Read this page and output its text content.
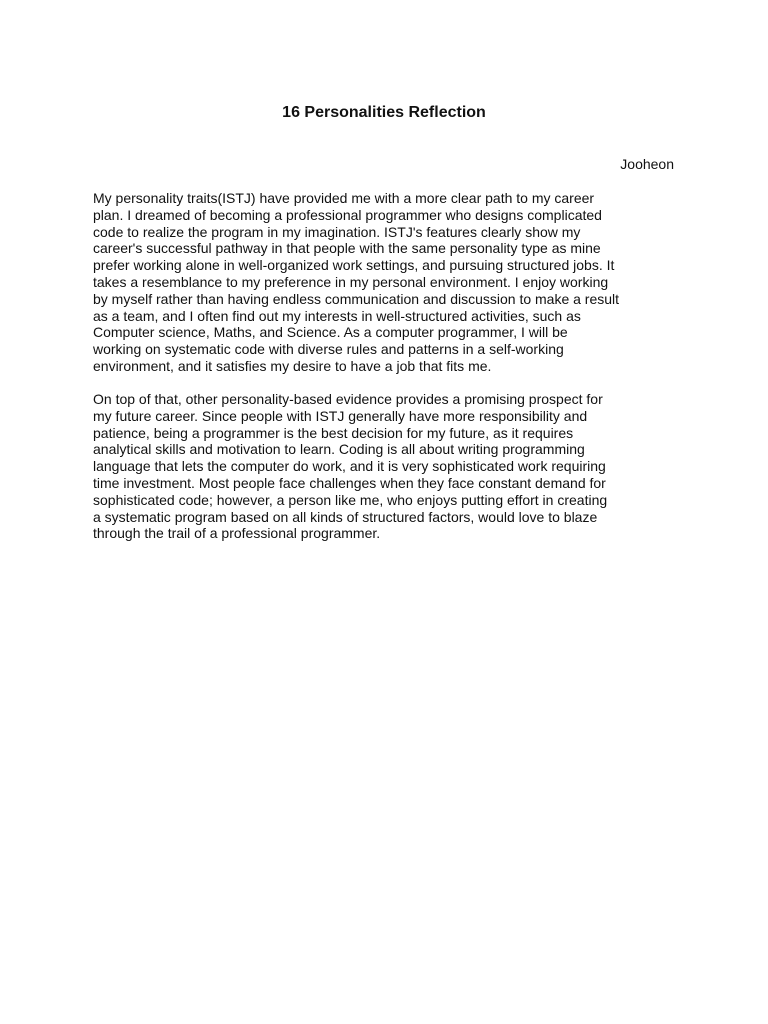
16 Personalities Reflection

Jooheon

My personality traits(ISTJ) have provided me with a more clear path to my career
plan. I dreamed of becoming a professional programmer who designs complicated
code to realize the program in my imagination. ISTJ's features clearly show my
career's successful pathway in that people with the same personality type as mine
prefer working alone in well-organized work settings, and pursuing structured jobs. It
takes a resemblance to my preference in my personal environment. I enjoy working
by myself rather than having endless communication and discussion to make a result
as a team, and I often find out my interests in well-structured activities, such as
Computer science, Maths, and Science. As a computer programmer, I will be
working on systematic code with diverse rules and patterns in a self-working
environment, and it satisfies my desire to have a job that fits me.

On top of that, other personality-based evidence provides a promising prospect for
my future career. Since people with ISTJ generally have more responsibility and
patience, being a programmer is the best decision for my future, as it requires
analytical skills and motivation to learn. Coding is all about writing programming
language that lets the computer do work, and it is very sophisticated work requiring
time investment. Most people face challenges when they face constant demand for
sophisticated code; however, a person like me, who enjoys putting effort in creating
a systematic program based on all kinds of structured factors, would love to blaze
through the trail of a professional programmer.
